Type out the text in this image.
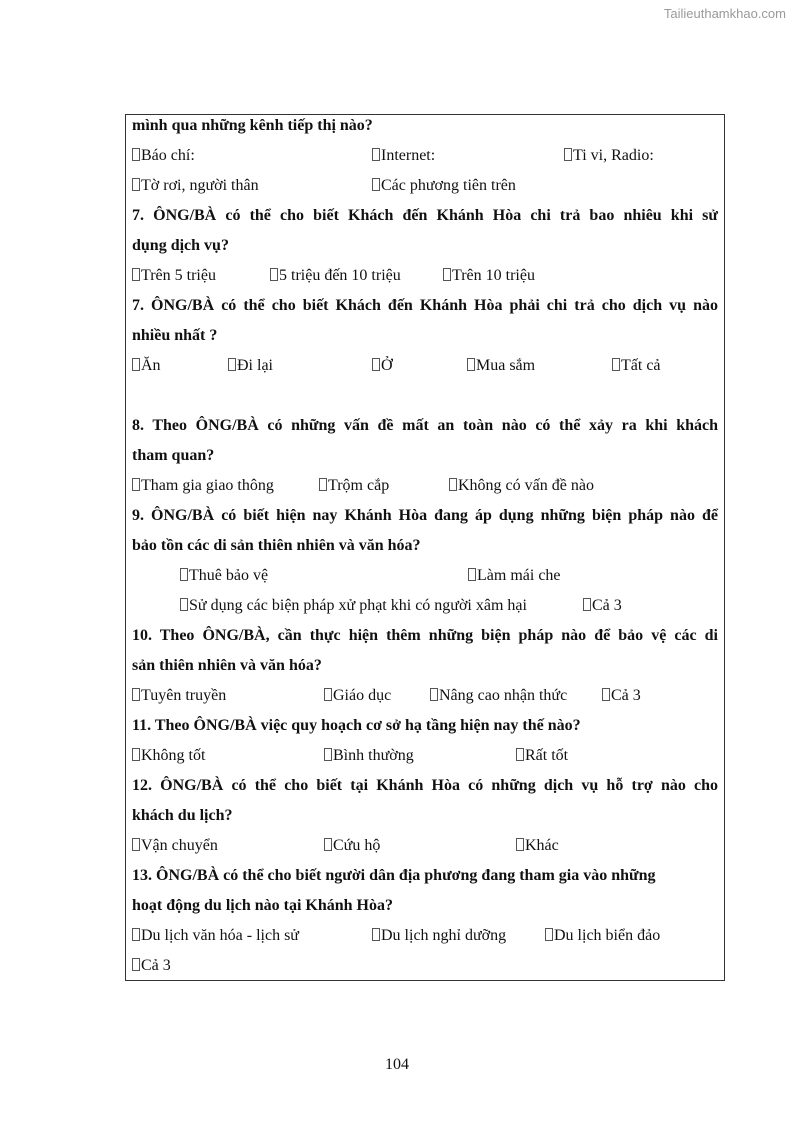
Tailieuthamkhao.com
mình qua những kênh tiếp thị nào?
Báo chí:	Internet:	Ti vi, Radio:
Tờ rơi, người thân	Các phương tiên trên
7. ÔNG/BÀ có thể cho biết Khách đến Khánh Hòa chi trả bao nhiêu khi sử
dụng dịch vụ?
Trên 5 triệu	5 triệu đến 10 triệu	Trên 10 triệu
7. ÔNG/BÀ có thể cho biết Khách đến Khánh Hòa phải chi trả cho dịch vụ nào
nhiều nhất ?
Ăn	Đi lại	Ở	Mua sắm	Tất cả
8. Theo ÔNG/BÀ có những vấn đề mất an toàn nào có thể xảy ra khi khách
tham quan?
Tham gia giao thông	Trộm cắp	Không có vấn đề nào
9. ÔNG/BÀ có biết hiện nay Khánh Hòa đang áp dụng những biện pháp nào để
bảo tồn các di sản thiên nhiên và văn hóa?
Thuê bảo vệ	Làm mái che
Sử dụng các biện pháp xử phạt khi có người xâm hại	Cả 3
10. Theo ÔNG/BÀ, cần thực hiện thêm những biện pháp nào để bảo vệ các di
sản thiên nhiên và văn hóa?
Tuyên truyền	Giáo dục	Nâng cao nhận thức	Cả 3
11. Theo ÔNG/BÀ việc quy hoạch cơ sở hạ tầng hiện nay thế nào?
Không tốt	Bình thường	Rất tốt
12. ÔNG/BÀ có thể cho biết tại Khánh Hòa có những dịch vụ hỗ trợ nào cho
khách du lịch?
Vận chuyển	Cứu hộ	Khác
13. ÔNG/BÀ có thể cho biết người dân địa phương đang tham gia vào những
hoạt động du lịch nào tại Khánh Hòa?
Du lịch văn hóa - lịch sử	Du lịch nghỉ dưỡng	Du lịch biển đảo
Cả 3
104
